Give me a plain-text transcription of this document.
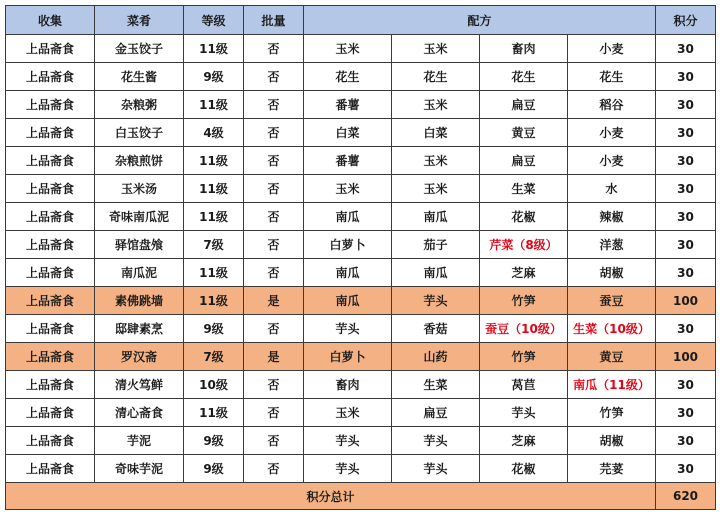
收集	菜肴	等级	批量	配方				积分
上品斋食	金玉饺子	11级	否	玉米	玉米	畜肉	小麦	30
上品斋食	花生酱	9级	否	花生	花生	花生	花生	30
上品斋食	杂粮粥	11级	否	番薯	玉米	扁豆	稻谷	30
上品斋食	白玉饺子	4级	否	白菜	白菜	黄豆	小麦	30
上品斋食	杂粮煎饼	11级	否	番薯	玉米	扁豆	小麦	30
上品斋食	玉米汤	11级	否	玉米	玉米	生菜	水	30
上品斋食	奇味南瓜泥	11级	否	南瓜	南瓜	花椒	辣椒	30
上品斋食	驿馆盘飧	7级	否	白萝卜	茄子	芹菜（8级）	洋葱	30
上品斋食	南瓜泥	11级	否	南瓜	南瓜	芝麻	胡椒	30
上品斋食	素佛跳墙	11级	是	南瓜	芋头	竹笋	蚕豆	100
上品斋食	邸肆素烹	9级	否	芋头	香菇	蚕豆（10级）	生菜（10级）	30
上品斋食	罗汉斋	7级	是	白萝卜	山药	竹笋	黄豆	100
上品斋食	清火笃鲜	10级	否	畜肉	生菜	莴苣	南瓜（11级）	30
上品斋食	清心斋食	11级	否	玉米	扁豆	芋头	竹笋	30
上品斋食	芋泥	9级	否	芋头	芋头	芝麻	胡椒	30
上品斋食	奇味芋泥	9级	否	芋头	芋头	花椒	芫荽	30
积分总计								620
